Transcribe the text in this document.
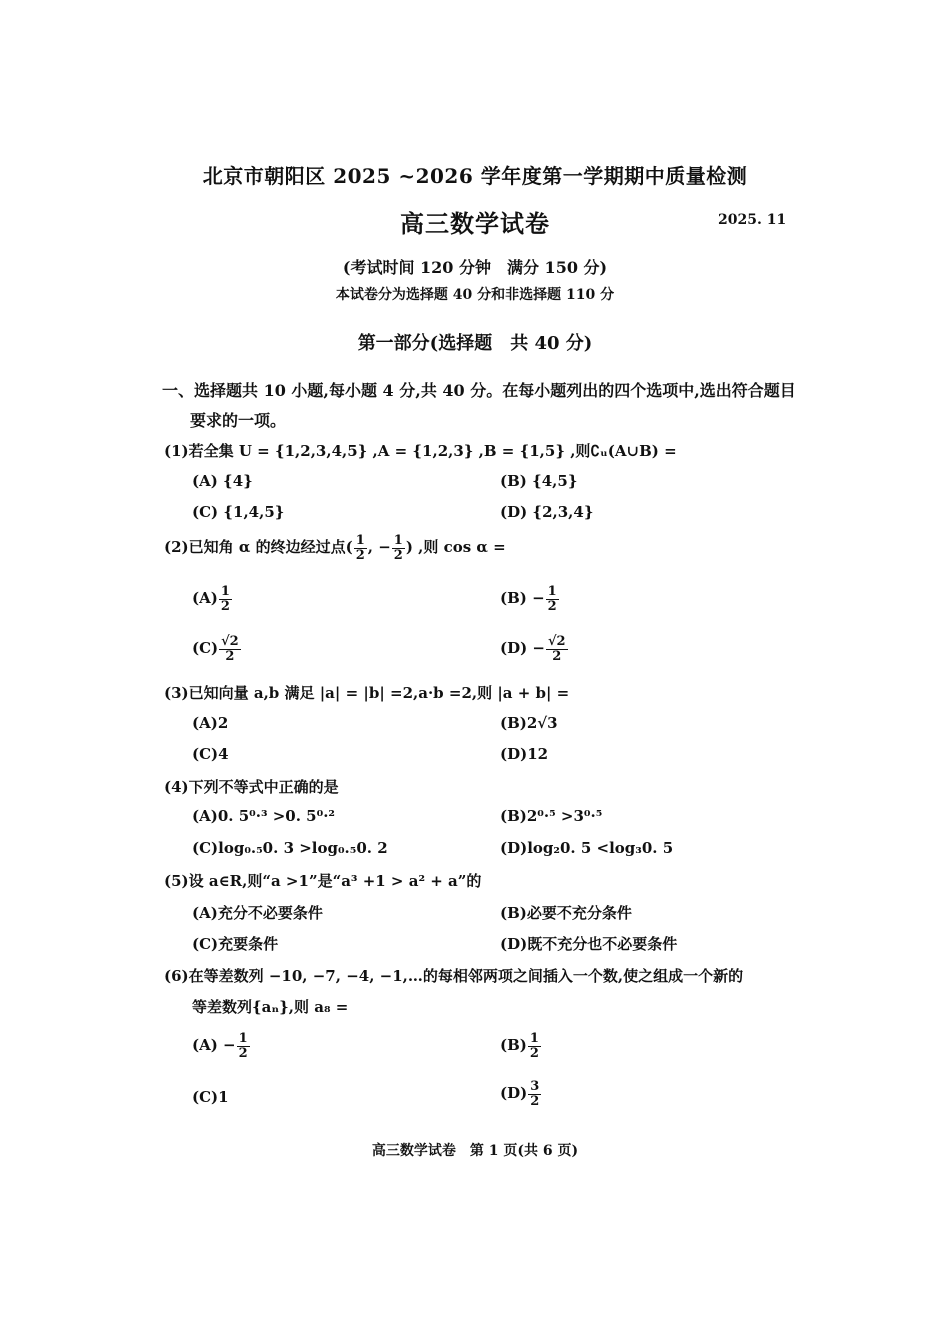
北京市朝阳区 2025 ~2026 学年度第一学期期中质量检测
高三数学试卷	2025. 11
(考试时间 120 分钟　满分 150 分)
本试卷分为选择题 40 分和非选择题 110 分
第一部分(选择题　共 40 分)
一、选择题共 10 小题,每小题 4 分,共 40 分。在每小题列出的四个选项中,选出符合题目
要求的一项。
(1)若全集 U = {1,2,3,4,5} ,A = {1,2,3} ,B = {1,5} ,则∁ᵤ(A∪B) =
(A) {4}	(B) {4,5}
(C) {1,4,5}	(D) {2,3,4}
(2)已知角 α 的终边经过点( $\frac{1}{2}$ , − $\frac{1}{2}$ ) ,则 cos α =
$(A) \frac{1}{2}$	$(B) - \frac{1}{2}$
$(C) \frac{√2}{2}$	$(D) - \frac{√2}{2}$
(3)已知向量 a,b 满足 |a| = |b| =2,a·b =2,则 |a + b| =
(A)2	(B)2√3
(C)4	(D)12
(4)下列不等式中正确的是
(A)0. 5⁰·³ >0. 5⁰·²	(B)2⁰·⁵ >3⁰·⁵
(C)log₀.₅0. 3 >log₀.₅0. 2	(D)log₂0. 5 <log₃0. 5
(5)设 a∈R,则“a >1”是“a³ +1 > a² + a”的
(A)充分不必要条件	(B)必要不充分条件
(C)充要条件	(D)既不充分也不必要条件
(6)在等差数列 −10, −7, −4, −1,…的每相邻两项之间插入一个数,使之组成一个新的
等差数列{aₙ},则 a₈ =
$(A) - \frac{1}{2}$	$(B) \frac{1}{2}$
(C)1	$(D) \frac{3}{2}$
高三数学试卷　第 1 页(共 6 页)
